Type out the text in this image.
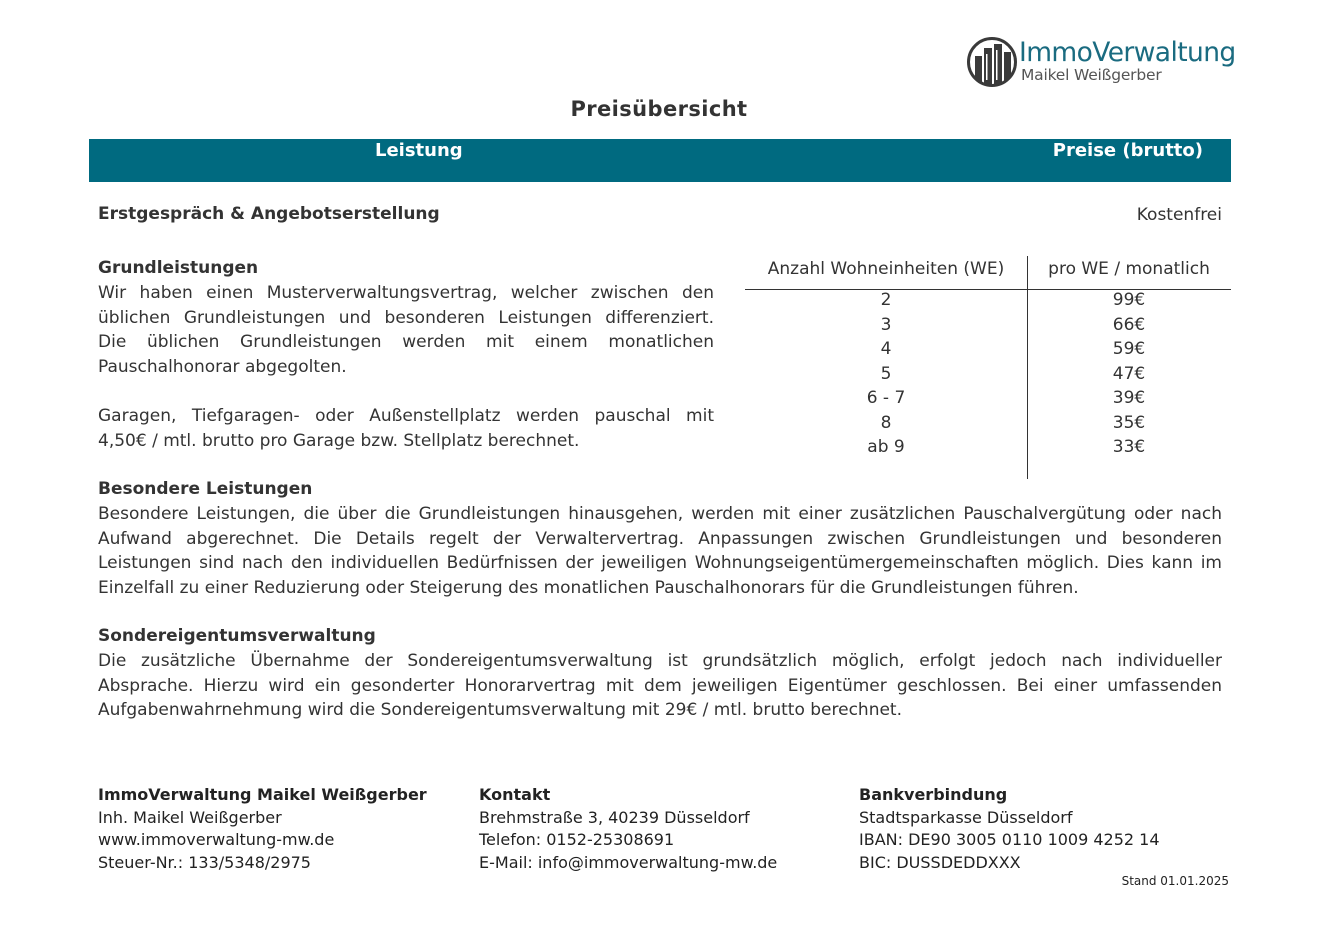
ImmoVerwaltung
Maikel Weißgerber
Preisübersicht
Leistung	Preise (brutto)
Erstgespräch & Angebotserstellung	Kostenfrei
Grundleistungen
Wir haben einen Musterverwaltungsvertrag, welcher zwischen den
üblichen Grundleistungen und besonderen Leistungen differenziert.
Die üblichen Grundleistungen werden mit einem monatlichen
Pauschalhonorar abgegolten.
Garagen, Tiefgaragen- oder Außenstellplatz werden pauschal mit
4,50€ / mtl. brutto pro Garage bzw. Stellplatz berechnet.
Anzahl Wohneinheiten (WE)	pro WE / monatlich
2	99€
3	66€
4	59€
5	47€
6 - 7	39€
8	35€
ab 9	33€
Besondere Leistungen
Besondere Leistungen, die über die Grundleistungen hinausgehen, werden mit einer zusätzlichen Pauschalvergütung oder nach
Aufwand abgerechnet. Die Details regelt der Verwaltervertrag. Anpassungen zwischen Grundleistungen und besonderen
Leistungen sind nach den individuellen Bedürfnissen der jeweiligen Wohnungseigentümergemeinschaften möglich. Dies kann im
Einzelfall zu einer Reduzierung oder Steigerung des monatlichen Pauschalhonorars für die Grundleistungen führen.
Sondereigentumsverwaltung
Die zusätzliche Übernahme der Sondereigentumsverwaltung ist grundsätzlich möglich, erfolgt jedoch nach individueller
Absprache. Hierzu wird ein gesonderter Honorarvertrag mit dem jeweiligen Eigentümer geschlossen. Bei einer umfassenden
Aufgabenwahrnehmung wird die Sondereigentumsverwaltung mit 29€ / mtl. brutto berechnet.
ImmoVerwaltung Maikel Weißgerber
Inh. Maikel Weißgerber
www.immoverwaltung-mw.de
Steuer-Nr.: 133/5348/2975
Kontakt
Brehmstraße 3, 40239 Düsseldorf
Telefon: 0152-25308691
E-Mail: info@immoverwaltung-mw.de
Bankverbindung
Stadtsparkasse Düsseldorf
IBAN: DE90 3005 0110 1009 4252 14
BIC: DUSSDEDDXXX
Stand 01.01.2025
